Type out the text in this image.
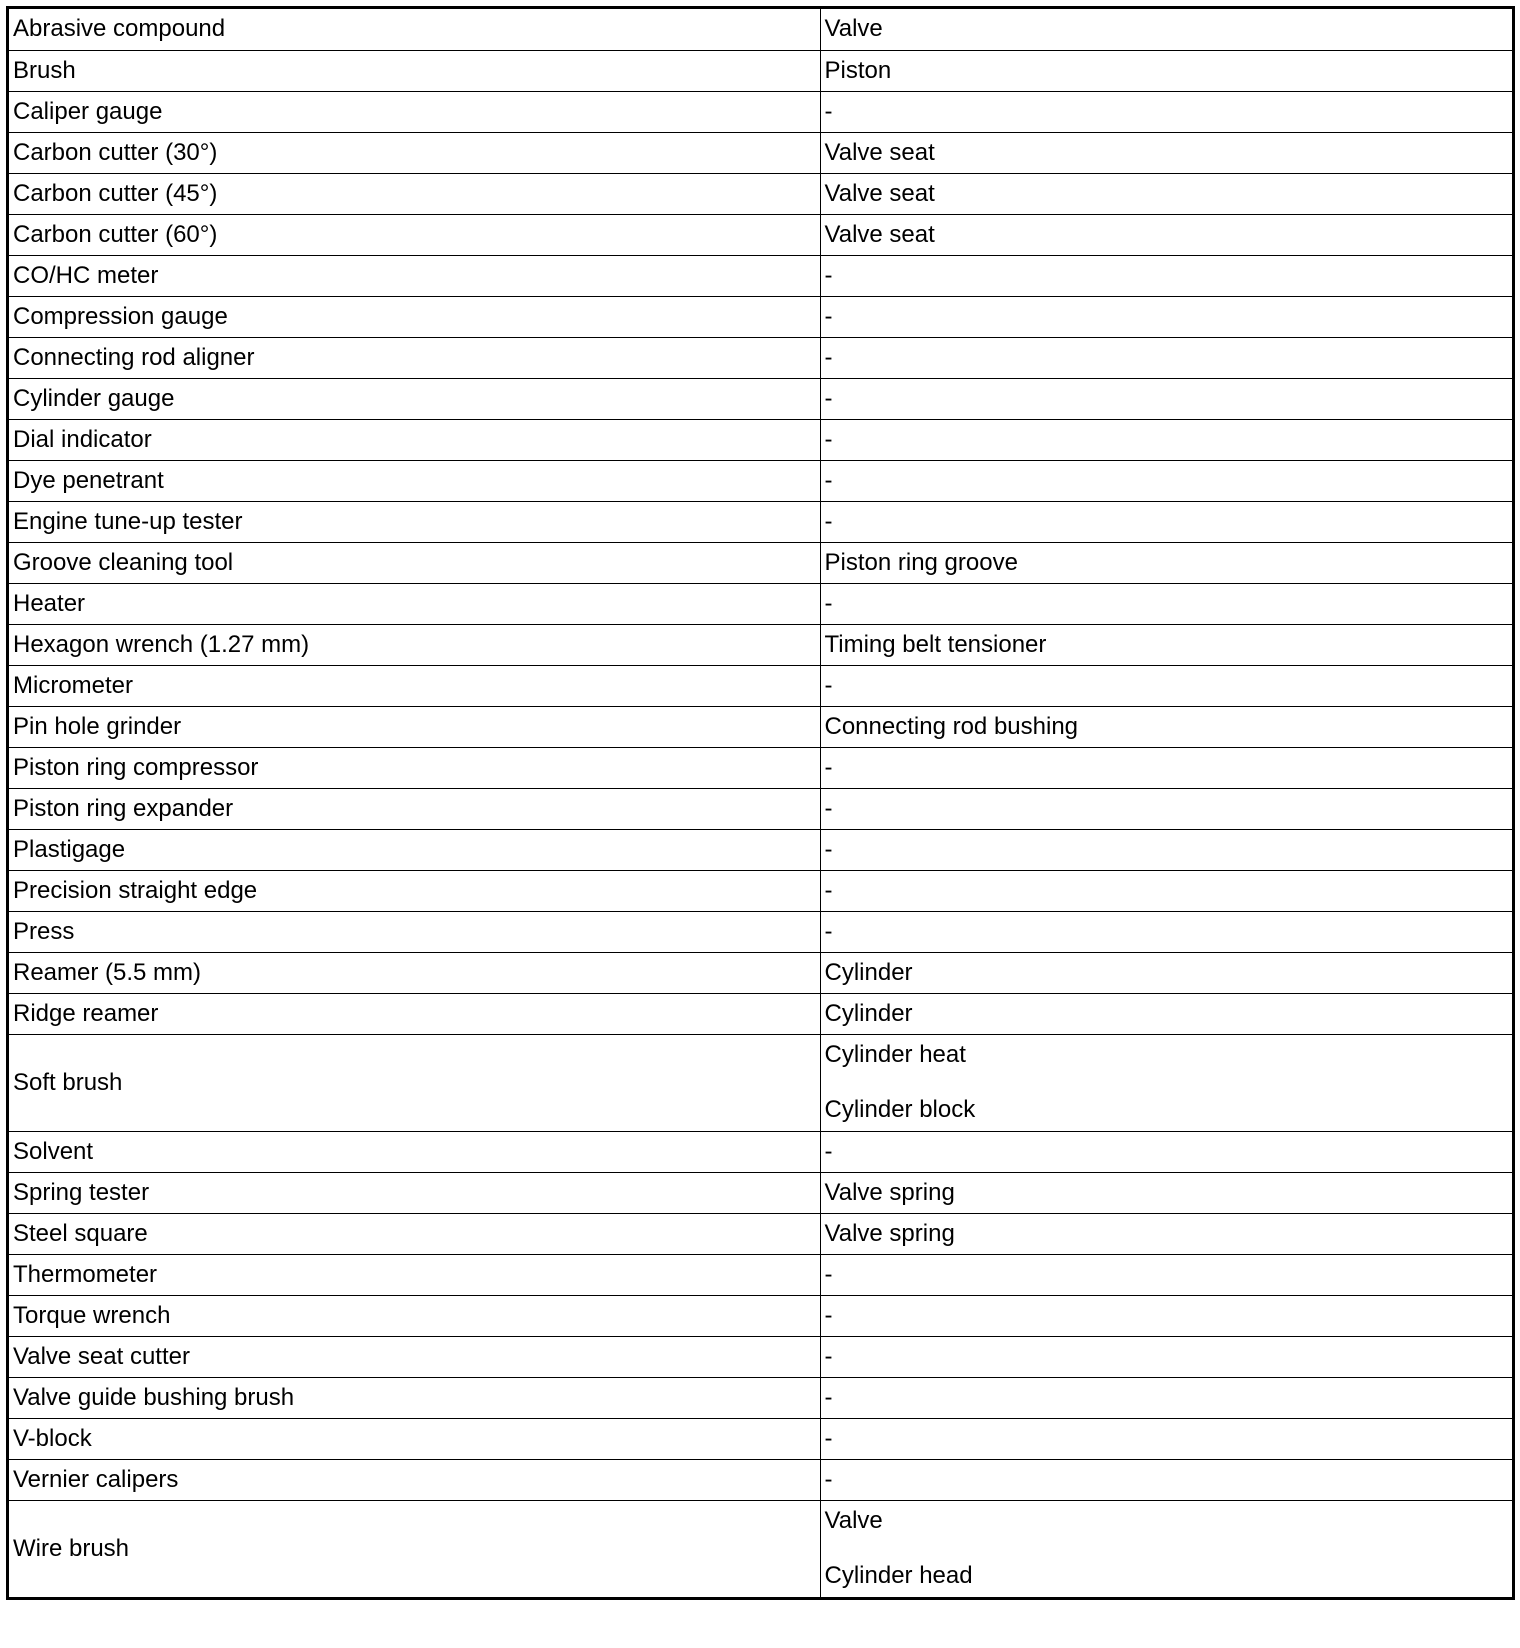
Abrasive compound	Valve

Brush	Piston

Caliper gauge	-

Carbon cutter (30°)	Valve seat

Carbon cutter (45°)	Valve seat

Carbon cutter (60°)	Valve seat

CO/HC meter	-

Compression gauge	-

Connecting rod aligner	-

Cylinder gauge	-

Dial indicator	-

Dye penetrant	-

Engine tune-up tester	-

Groove cleaning tool	Piston ring groove

Heater	-

Hexagon wrench (1.27 mm)	Timing belt tensioner

Micrometer	-

Pin hole grinder	Connecting rod bushing

Piston ring compressor	-

Piston ring expander	-

Plastigage	-

Precision straight edge	-

Press	-

Reamer (5.5 mm)	Cylinder

Ridge reamer	Cylinder

Soft brush	Cylinder heat
Cylinder block

Solvent	-

Spring tester	Valve spring

Steel square	Valve spring

Thermometer	-

Torque wrench	-

Valve seat cutter	-

Valve guide bushing brush	-

V-block	-

Vernier calipers	-

Wire brush	Valve
Cylinder head
